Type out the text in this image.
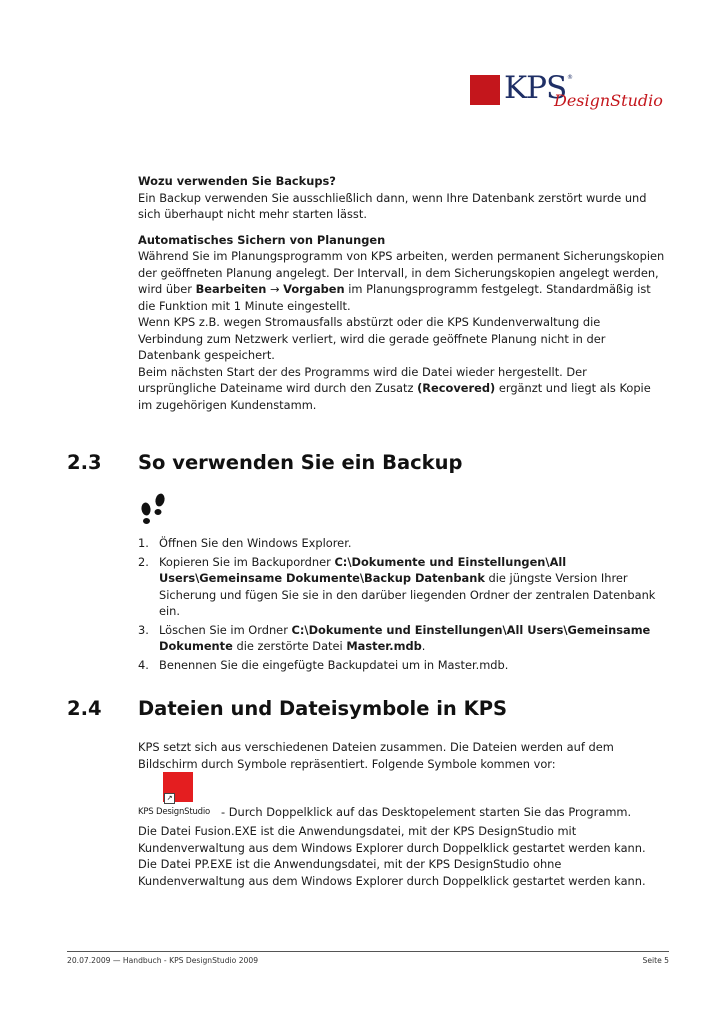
KPS ®
DesignStudio

Wozu verwenden Sie Backups?

Ein Backup verwenden Sie ausschließlich dann, wenn Ihre Datenbank zerstört wurde und sich überhaupt nicht mehr starten lässt.

Automatisches Sichern von Planungen

Während Sie im Planungsprogramm von KPS arbeiten, werden permanent Sicherungskopien der geöffneten Planung angelegt. Der Intervall, in dem Sicherungskopien angelegt werden, wird über Bearbeiten → Vorgaben im Planungsprogramm festgelegt. Standardmäßig ist die Funktion mit 1 Minute eingestellt.

Wenn KPS z.B. wegen Stromausfalls abstürzt oder die KPS Kundenverwaltung die Verbindung zum Netzwerk verliert, wird die gerade geöffnete Planung nicht in der Datenbank gespeichert.

Beim nächsten Start der des Programms wird die Datei wieder hergestellt. Der ursprüngliche Dateiname wird durch den Zusatz (Recovered) ergänzt und liegt als Kopie im zugehörigen Kundenstamm.

2.3 So verwenden Sie ein Backup
1. Öffnen Sie den Windows Explorer.
2. Kopieren Sie im Backupordner C:\Dokumente und Einstellungen\All Users\Gemeinsame Dokumente\Backup Datenbank die jüngste Version Ihrer Sicherung und fügen Sie sie in den darüber liegenden Ordner der zentralen Datenbank ein.
3. Löschen Sie im Ordner C:\Dokumente und Einstellungen\All Users\Gemeinsame Dokumente die zerstörte Datei Master.mdb.
4. Benennen Sie die eingefügte Backupdatei um in Master.mdb.
2.4 Dateien und Dateisymbole in KPS

KPS setzt sich aus verschiedenen Dateien zusammen. Die Dateien werden auf dem Bildschirm durch Symbole repräsentiert. Folgende Symbole kommen vor:

↗
KPS DesignStudio - Durch Doppelklick auf das Desktopelement starten Sie das Programm.

Die Datei Fusion.EXE ist die Anwendungsdatei, mit der KPS DesignStudio mit Kundenverwaltung aus dem Windows Explorer durch Doppelklick gestartet werden kann.

Die Datei PP.EXE ist die Anwendungsdatei, mit der KPS DesignStudio ohne Kundenverwaltung aus dem Windows Explorer durch Doppelklick gestartet werden kann.

20.07.2009 — Handbuch - KPS DesignStudio 2009	Seite 5
